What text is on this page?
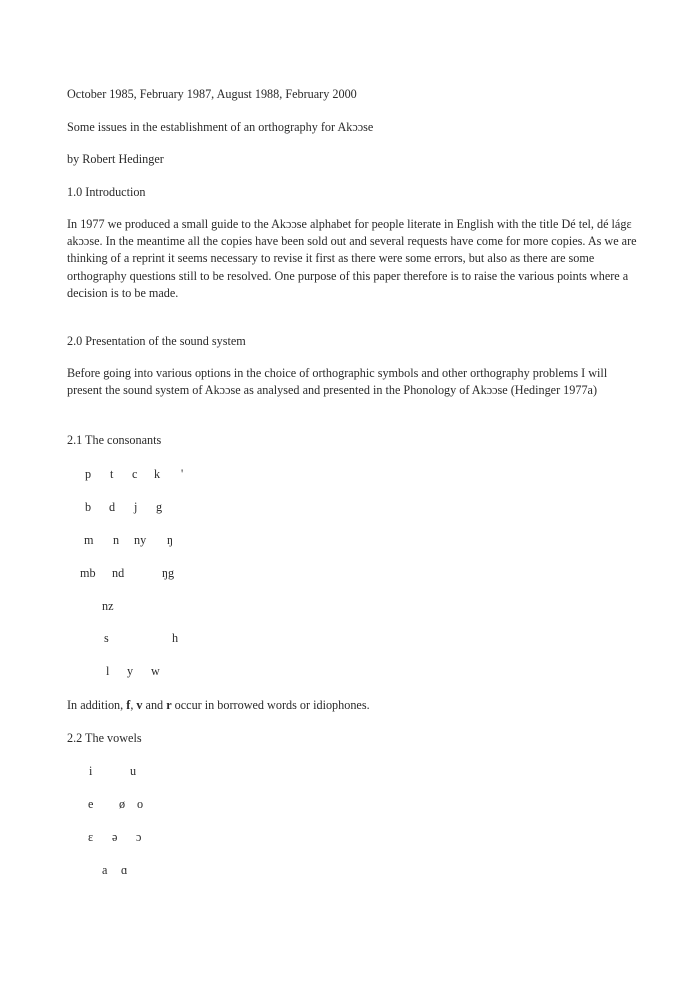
October 1985, February 1987, August 1988, February 2000
Some issues in the establishment of an orthography for Akɔɔse
by Robert Hedinger
1.0 Introduction
In 1977 we produced a small guide to the Akɔɔse alphabet for people literate in English with the title Dé tel, dé lágɛ akɔɔse. In the meantime all the copies have been sold out and several requests have come for more copies. As we are thinking of a reprint it seems necessary to revise it first as there were some errors, but also as there are some orthography questions still to be resolved. One purpose of this paper therefore is to raise the various points where a decision is to be made.
2.0 Presentation of the sound system
Before going into various options in the choice of orthographic symbols and other orthography problems I will present the sound system of Akɔɔse as analysed and presented in the Phonology of Akɔɔse (Hedinger 1977a)
2.1 The consonants
p t c k '
b d j g
m n ny ŋ
mb nd	ŋg
nz
s	h
l y w
In addition, f, v and r occur in borrowed words or idiophones.
2.2 The vowels
i	u
e ø o
ɛ ə ɔ
a ɑ
